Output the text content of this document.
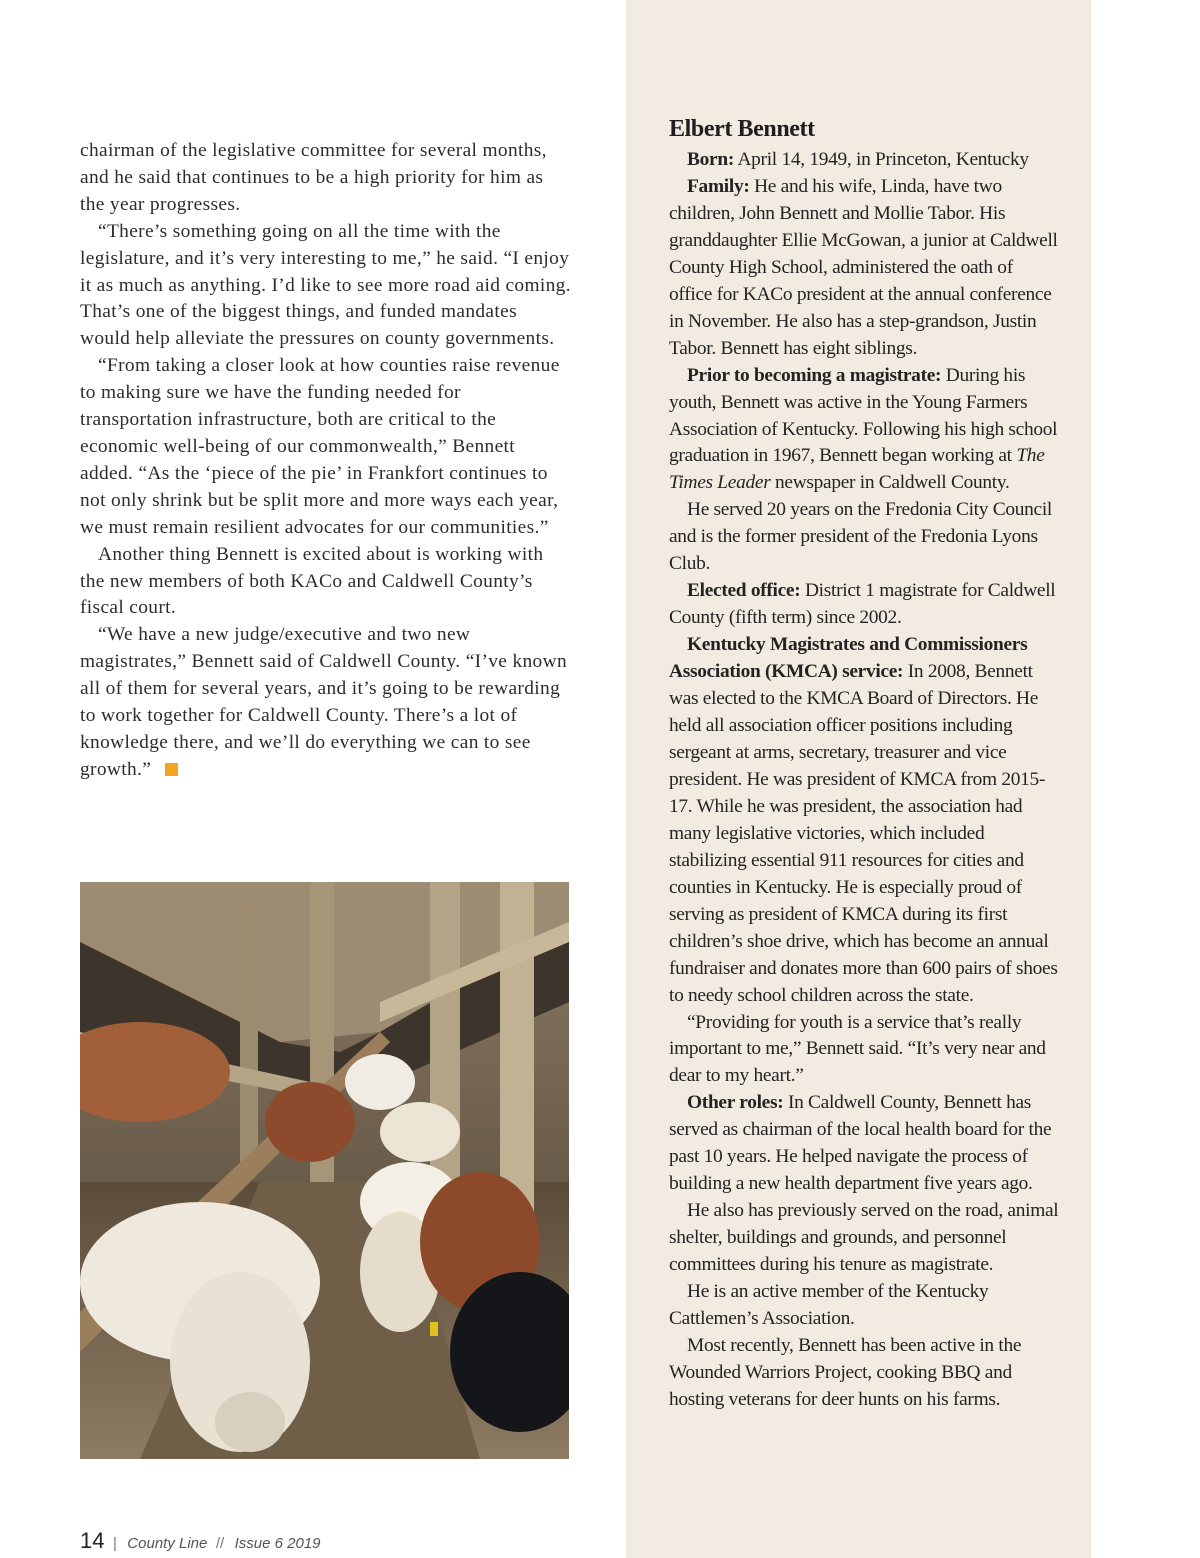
chairman of the legislative committee for several months, and he said that continues to be a high priority for him as the year progresses.

“There’s something going on all the time with the legislature, and it’s very interesting to me,” he said. “I enjoy it as much as anything. I’d like to see more road aid coming. That’s one of the biggest things, and funded mandates would help alleviate the pressures on county governments.

“From taking a closer look at how counties raise revenue to making sure we have the funding needed for transportation infrastructure, both are critical to the economic well-being of our commonwealth,” Bennett added. “As the ‘piece of the pie’ in Frankfort continues to not only shrink but be split more and more ways each year, we must remain resilient advocates for our communities.”

Another thing Bennett is excited about is working with the new members of both KACo and Caldwell County’s fiscal court.

“We have a new judge/executive and two new magistrates,” Bennett said of Caldwell County. “I’ve known all of them for several years, and it’s going to be rewarding to work together for Caldwell County. There’s a lot of knowledge there, and we’ll do everything we can to see growth.”

Elbert Bennett

Born: April 14, 1949, in Princeton, Kentucky

Family: He and his wife, Linda, have two children, John Bennett and Mollie Tabor. His granddaughter Ellie McGowan, a junior at Caldwell County High School, administered the oath of office for KACo president at the annual conference in November. He also has a step-grandson, Justin Tabor. Bennett has eight siblings.

Prior to becoming a magistrate: During his youth, Bennett was active in the Young Farmers Association of Kentucky. Following his high school graduation in 1967, Bennett began working at The Times Leader newspaper in Caldwell County.

He served 20 years on the Fredonia City Council and is the former president of the Fredonia Lyons Club.

Elected office: District 1 magistrate for Caldwell County (fifth term) since 2002.

Kentucky Magistrates and Commissioners Association (KMCA) service: In 2008, Bennett was elected to the KMCA Board of Directors. He held all association officer positions including sergeant at arms, secretary, treasurer and vice president. He was president of KMCA from 2015-17. While he was president, the association had many legislative victories, which included stabilizing essential 911 resources for cities and counties in Kentucky. He is especially proud of serving as president of KMCA during its first children’s shoe drive, which has become an annual fundraiser and donates more than 600 pairs of shoes to needy school children across the state.

“Providing for youth is a service that’s really important to me,” Bennett said. “It’s very near and dear to my heart.”

Other roles: In Caldwell County, Bennett has served as chairman of the local health board for the past 10 years. He helped navigate the process of building a new health department five years ago.

He also has previously served on the road, animal shelter, buildings and grounds, and personnel committees during his tenure as magistrate.

He is an active member of the Kentucky Cattlemen’s Association.

Most recently, Bennett has been active in the Wounded Warriors Project, cooking BBQ and hosting veterans for deer hunts on his farms.

14 | County Line // Issue 6 2019
